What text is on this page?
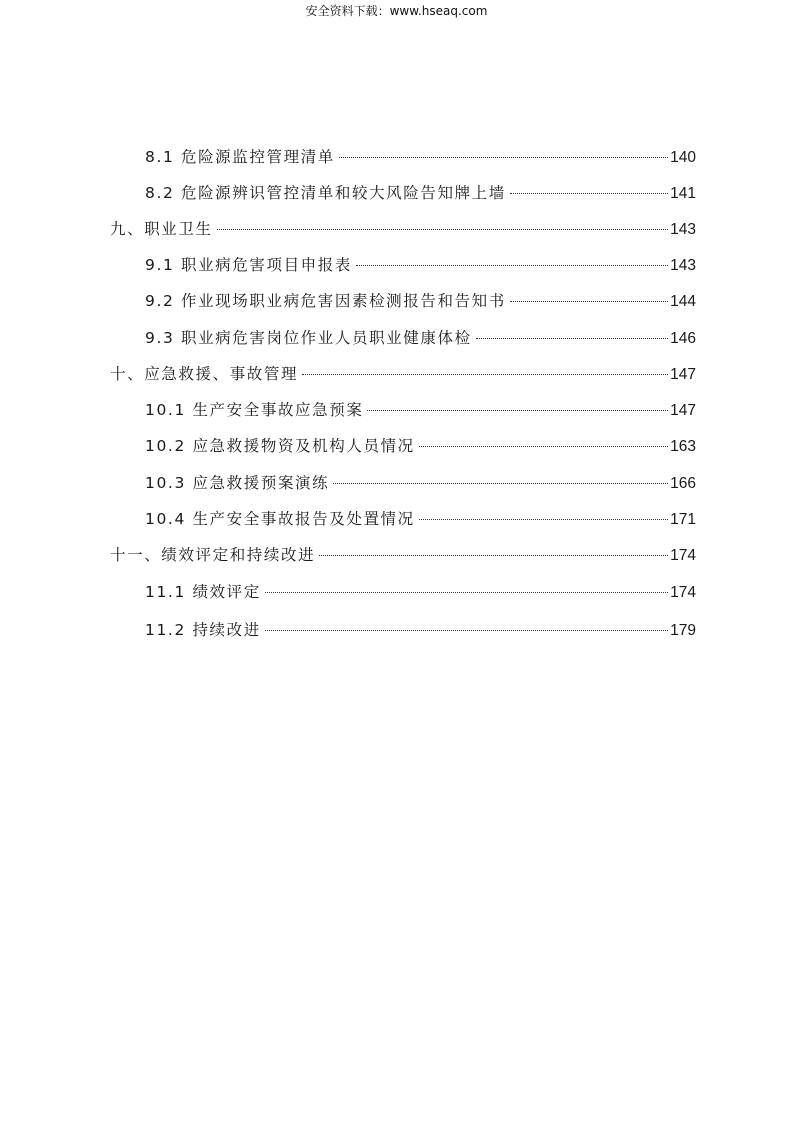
安全资料下载：www.hseaq.com
8.1 危险源监控管理清单	140
8.2 危险源辨识管控清单和较大风险告知牌上墙	141
九、职业卫生	143
9.1 职业病危害项目申报表	143
9.2 作业现场职业病危害因素检测报告和告知书	144
9.3 职业病危害岗位作业人员职业健康体检	146
十、应急救援、事故管理	147
10.1 生产安全事故应急预案	147
10.2 应急救援物资及机构人员情况	163
10.3 应急救援预案演练	166
10.4 生产安全事故报告及处置情况	171
十一、绩效评定和持续改进	174
11.1 绩效评定	174
11.2 持续改进	179
